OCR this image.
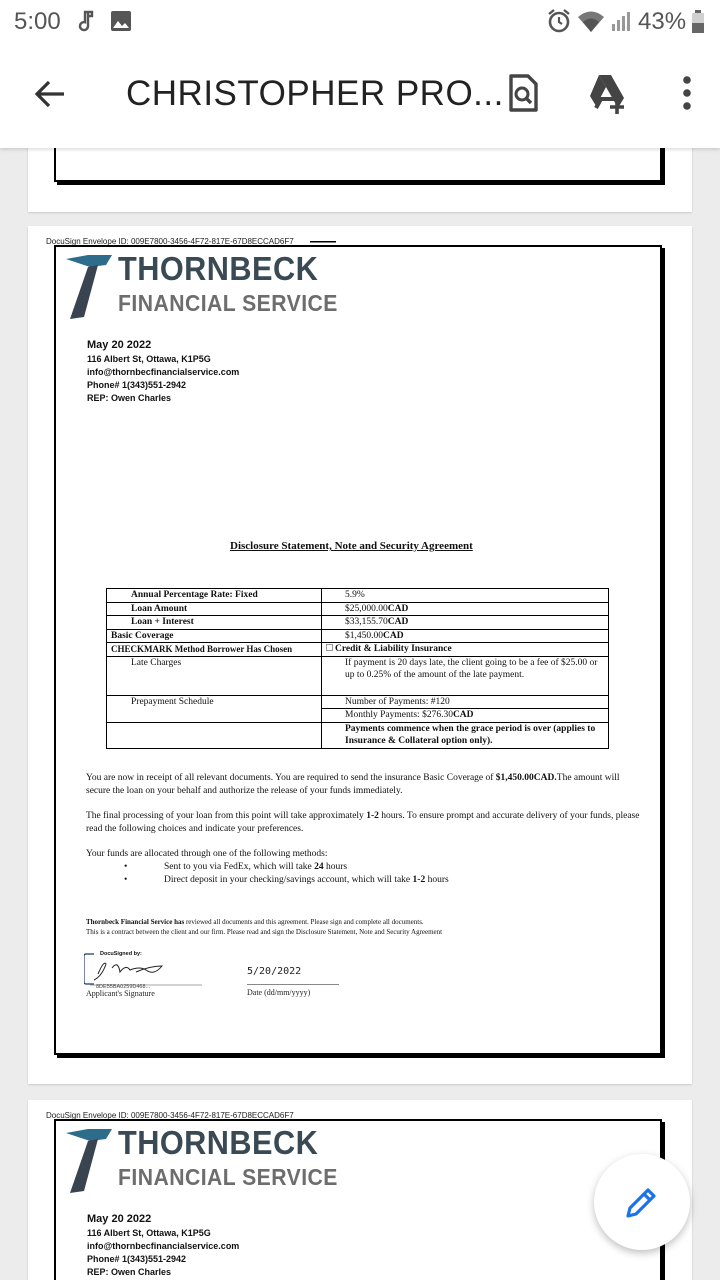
5:00	43%
CHRISTOPHER PRO...
DocuSign Envelope ID: 009E7800-3456-4F72-817E-67D8ECCAD6F7
THORNBECK
FINANCIAL SERVICE
May 20 2022
116 Albert St, Ottawa, K1P5G
info@thornbecfinancialservice.com
Phone# 1(343)551-2942
REP: Owen Charles
Disclosure Statement, Note and Security Agreement
Annual Percentage Rate: Fixed	5.9%
Loan Amount	$25,000.00CAD
Loan + Interest	$33,155.70CAD
Basic Coverage	$1,450.00CAD
CHECKMARK Method Borrower Has Chosen	Credit & Liability Insurance
Late Charges	If payment is 20 days late, the client going to be a fee of $25.00 or up to 0.25% of the amount of the late payment.
Prepayment Schedule	Number of Payments: #120
	Monthly Payments: $276.30CAD
	Payments commence when the grace period is over (applies to Insurance & Collateral option only).
You are now in receipt of all relevant documents. You are required to send the insurance Basic Coverage of $1,450.00CAD.The amount will secure the loan on your behalf and authorize the release of your funds immediately.
The final processing of your loan from this point will take approximately 1-2 hours. To ensure prompt and accurate delivery of your funds, please read the following choices and indicate your preferences.
Your funds are allocated through one of the following methods:
• Sent to you via FedEx, which will take 24 hours
• Direct deposit in your checking/savings account, which will take 1-2 hours
Thornbeck Financial Service has reviewed all documents and this agreement. Please sign and complete all documents.
This is a contract between the client and our firm. Please read and sign the Disclosure Statement, Note and Security Agreement
DocuSigned by:
8DE55BA0259D468...
Applicant's Signature
5/20/2022
Date (dd/mm/yyyy)
DocuSign Envelope ID: 009E7800-3456-4F72-817E-67D8ECCAD6F7
THORNBECK
FINANCIAL SERVICE
May 20 2022
116 Albert St, Ottawa, K1P5G
info@thornbecfinancialservice.com
Phone# 1(343)551-2942
REP: Owen Charles
